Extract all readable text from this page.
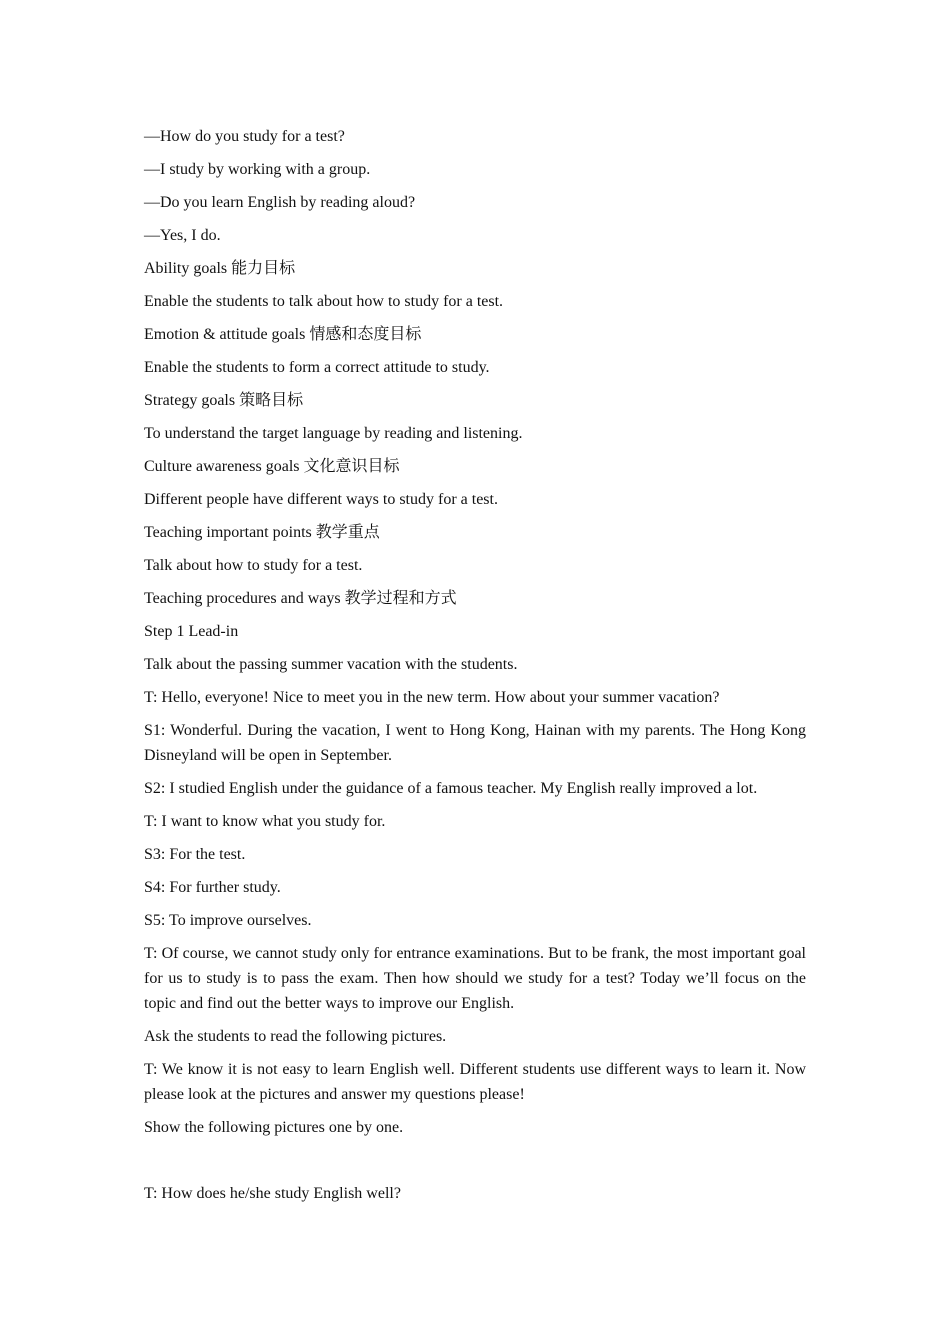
—How do you study for a test?

—I study by working with a group.

—Do you learn English by reading aloud?

—Yes, I do.

Ability goals 能力目标

Enable the students to talk about how to study for a test.

Emotion & attitude goals 情感和态度目标

Enable the students to form a correct attitude to study.

Strategy goals 策略目标

To understand the target language by reading and listening.

Culture awareness goals 文化意识目标

Different people have different ways to study for a test.

Teaching important points 教学重点

Talk about how to study for a test.

Teaching procedures and ways 教学过程和方式

Step 1 Lead-in

Talk about the passing summer vacation with the students.

T: Hello, everyone! Nice to meet you in the new term. How about your summer vacation?

S1: Wonderful. During the vacation, I went to Hong Kong, Hainan with my parents. The Hong Kong Disneyland will be open in September.

S2: I studied English under the guidance of a famous teacher. My English really improved a lot.

T: I want to know what you study for.

S3: For the test.

S4: For further study.

S5: To improve ourselves.

T: Of course, we cannot study only for entrance examinations. But to be frank, the most important goal for us to study is to pass the exam. Then how should we study for a test? Today we’ll focus on the topic and find out the better ways to improve our English.

Ask the students to read the following pictures.

T: We know it is not easy to learn English well. Different students use different ways to learn it. Now please look at the pictures and answer my questions please!

Show the following pictures one by one.

T: How does he/she study English well?
